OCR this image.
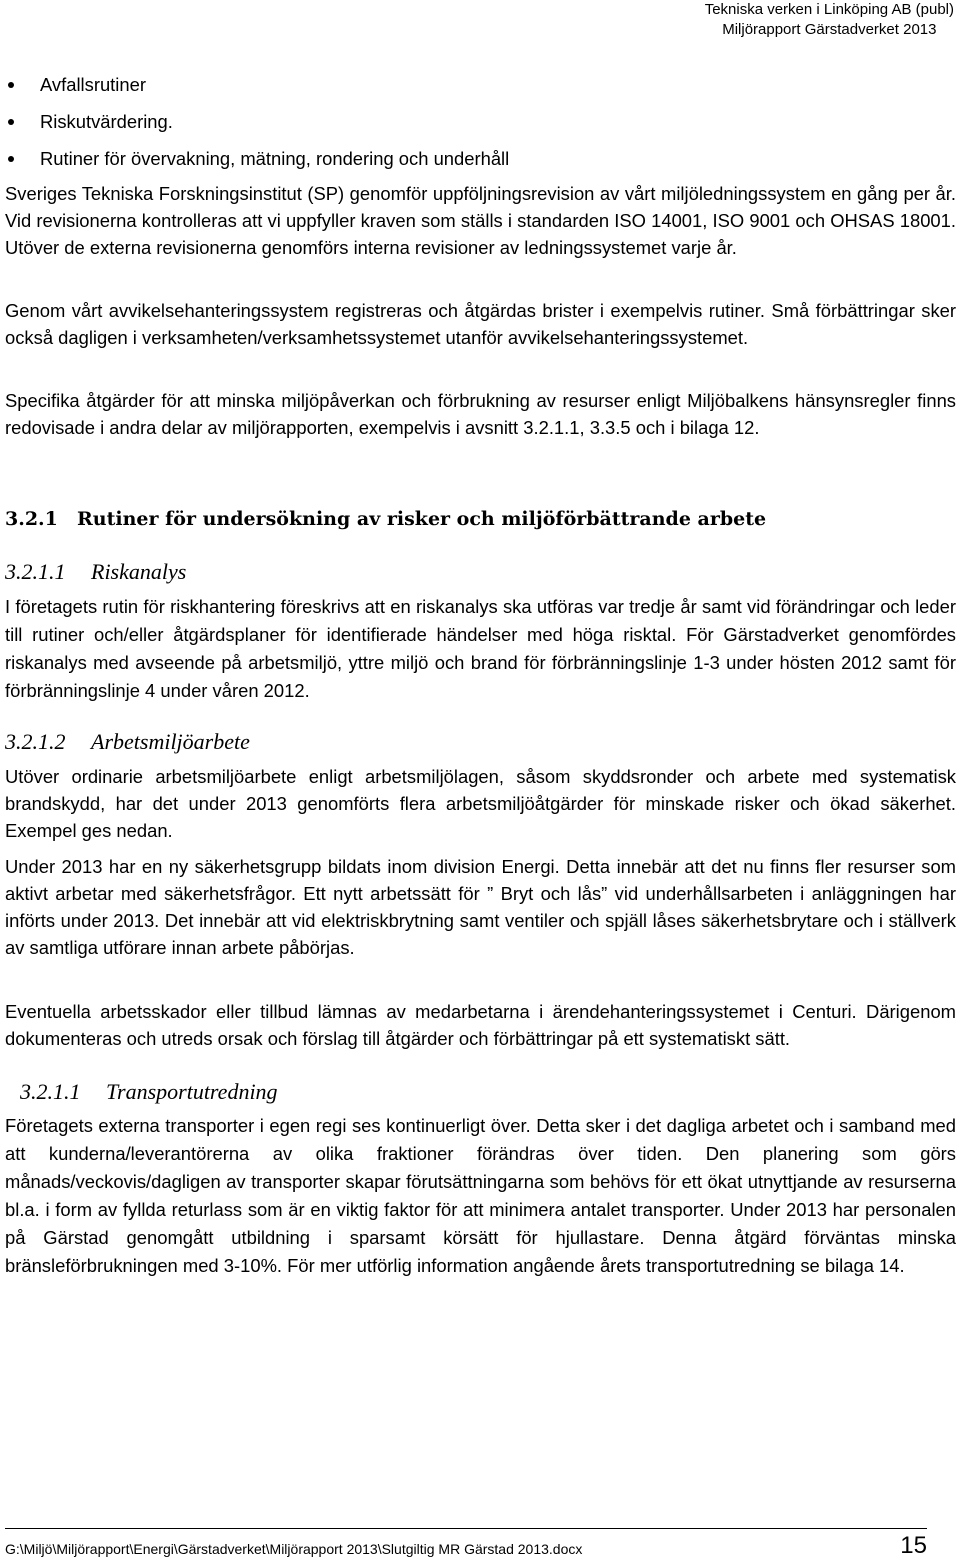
Tekniska verken i Linköping AB (publ)
Miljörapport Gärstadverket 2013
Avfallsrutiner
Riskutvärdering.
Rutiner för övervakning, mätning, rondering och underhåll

Sveriges Tekniska Forskningsinstitut (SP) genomför uppföljningsrevision av vårt miljöledningssystem en gång per år. Vid revisionerna kontrolleras att vi uppfyller kraven som ställs i standarden ISO 14001, ISO 9001 och OHSAS 18001. Utöver de externa revisionerna genomförs interna revisioner av ledningssystemet varje år.

Genom vårt avvikelsehanteringssystem registreras och åtgärdas brister i exempelvis rutiner. Små förbättringar sker också dagligen i verksamheten/verksamhetssystemet utanför avvikelsehanteringssystemet.

Specifika åtgärder för att minska miljöpåverkan och förbrukning av resurser enligt Miljöbalkens hänsynsregler finns redovisade i andra delar av miljörapporten, exempelvis i avsnitt 3.2.1.1, 3.3.5 och i bilaga 12.

3.2.1 Rutiner för undersökning av risker och miljöförbättrande arbete
3.2.1.1 Riskanalys

I företagets rutin för riskhantering föreskrivs att en riskanalys ska utföras var tredje år samt vid förändringar och leder till rutiner och/eller åtgärdsplaner för identifierade händelser med höga risktal. För Gärstadverket genomfördes riskanalys med avseende på arbetsmiljö, yttre miljö och brand för förbränningslinje 1-3 under hösten 2012 samt för förbränningslinje 4 under våren 2012.

3.2.1.2 Arbetsmiljöarbete

Utöver ordinarie arbetsmiljöarbete enligt arbetsmiljölagen, såsom skyddsronder och arbete med systematisk brandskydd, har det under 2013 genomförts flera arbetsmiljöåtgärder för minskade risker och ökad säkerhet. Exempel ges nedan.

Under 2013 har en ny säkerhetsgrupp bildats inom division Energi. Detta innebär att det nu finns fler resurser som aktivt arbetar med säkerhetsfrågor. Ett nytt arbetssätt för ” Bryt och lås” vid underhållsarbeten i anläggningen har införts under 2013. Det innebär att vid elektriskbrytning samt ventiler och spjäll låses säkerhetsbrytare och i ställverk av samtliga utförare innan arbete påbörjas.

Eventuella arbetsskador eller tillbud lämnas av medarbetarna i ärendehanteringssystemet i Centuri. Därigenom dokumenteras och utreds orsak och förslag till åtgärder och förbättringar på ett systematiskt sätt.

3.2.1.1 Transportutredning

Företagets externa transporter i egen regi ses kontinuerligt över. Detta sker i det dagliga arbetet och i samband med att kunderna/leverantörerna av olika fraktioner förändras över tiden. Den planering som görs månads/veckovis/dagligen av transporter skapar förutsättningarna som behövs för ett ökat utnyttjande av resurserna bl.a. i form av fyllda returlass som är en viktig faktor för att minimera antalet transporter. Under 2013 har personalen på Gärstad genomgått utbildning i sparsamt körsätt för hjullastare. Denna åtgärd förväntas minska bränsleförbrukningen med 3-10%. För mer utförlig information angående årets transportutredning se bilaga 14.

G:\Miljö\Miljörapport\Energi\Gärstadverket\Miljörapport 2013\Slutgiltig MR Gärstad 2013.docx	15
